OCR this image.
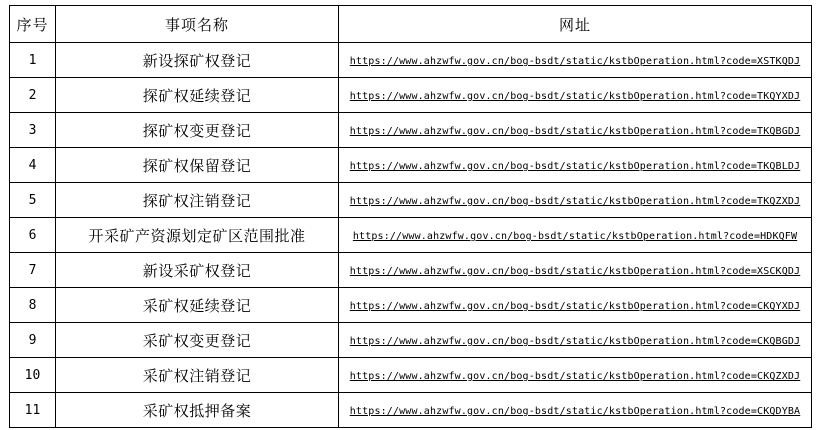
序号	事项名称	网址
1	新设探矿权登记	https://www.ahzwfw.gov.cn/bog-bsdt/static/kstbOperation.html?code=XSTKQDJ
2	探矿权延续登记	https://www.ahzwfw.gov.cn/bog-bsdt/static/kstbOperation.html?code=TKQYXDJ
3	探矿权变更登记	https://www.ahzwfw.gov.cn/bog-bsdt/static/kstbOperation.html?code=TKQBGDJ
4	探矿权保留登记	https://www.ahzwfw.gov.cn/bog-bsdt/static/kstbOperation.html?code=TKQBLDJ
5	探矿权注销登记	https://www.ahzwfw.gov.cn/bog-bsdt/static/kstbOperation.html?code=TKQZXDJ
6	开采矿产资源划定矿区范围批准	https://www.ahzwfw.gov.cn/bog-bsdt/static/kstbOperation.html?code=HDKQFW
7	新设采矿权登记	https://www.ahzwfw.gov.cn/bog-bsdt/static/kstbOperation.html?code=XSCKQDJ
8	采矿权延续登记	https://www.ahzwfw.gov.cn/bog-bsdt/static/kstbOperation.html?code=CKQYXDJ
9	采矿权变更登记	https://www.ahzwfw.gov.cn/bog-bsdt/static/kstbOperation.html?code=CKQBGDJ
10	采矿权注销登记	https://www.ahzwfw.gov.cn/bog-bsdt/static/kstbOperation.html?code=CKQZXDJ
11	采矿权抵押备案	https://www.ahzwfw.gov.cn/bog-bsdt/static/kstbOperation.html?code=CKQDYBA
